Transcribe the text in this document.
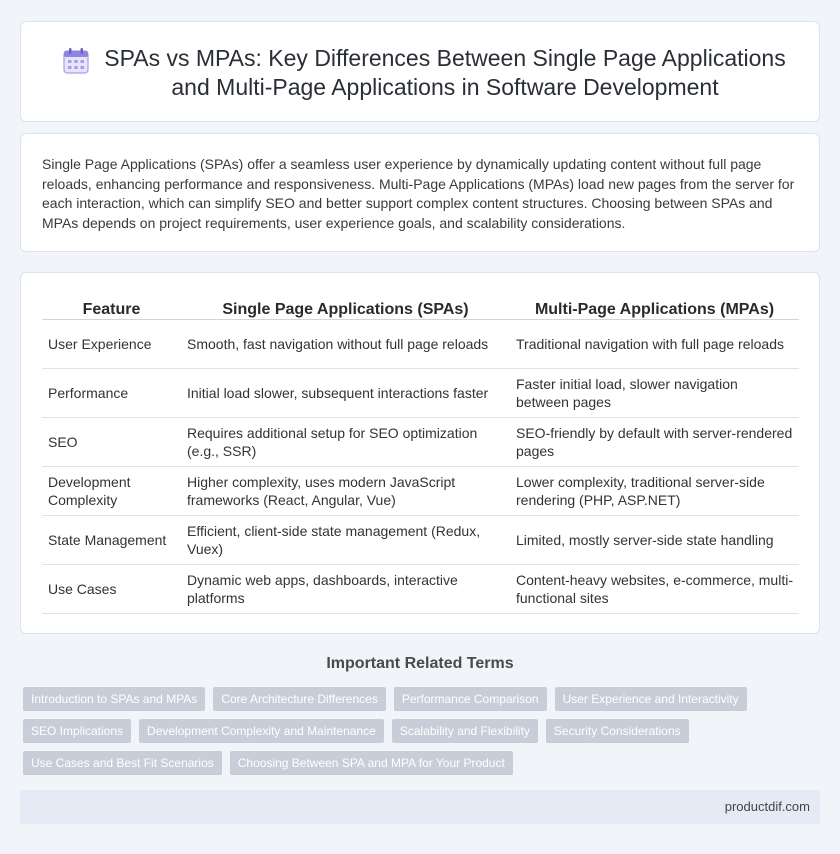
SPAs vs MPAs: Key Differences Between Single Page Applications and Multi-Page Applications in Software Development

Single Page Applications (SPAs) offer a seamless user experience by dynamically updating content without full page reloads, enhancing performance and responsiveness. Multi-Page Applications (MPAs) load new pages from the server for each interaction, which can simplify SEO and better support complex content structures. Choosing between SPAs and MPAs depends on project requirements, user experience goals, and scalability considerations.

Feature	Single Page Applications (SPAs)	Multi-Page Applications (MPAs)
User Experience	Smooth, fast navigation without full page reloads	Traditional navigation with full page reloads
Performance	Initial load slower, subsequent interactions faster	Faster initial load, slower navigation between pages
SEO	Requires additional setup for SEO optimization (e.g., SSR)	SEO-friendly by default with server-rendered pages
Development Complexity	Higher complexity, uses modern JavaScript frameworks (React, Angular, Vue)	Lower complexity, traditional server-side rendering (PHP, ASP.NET)
State Management	Efficient, client-side state management (Redux, Vuex)	Limited, mostly server-side state handling
Use Cases	Dynamic web apps, dashboards, interactive platforms	Content-heavy websites, e-commerce, multi-functional sites
Important Related Terms
Introduction to SPAs and MPAs	Core Architecture Differences	Performance Comparison	User Experience and Interactivity
SEO Implications	Development Complexity and Maintenance	Scalability and Flexibility	Security Considerations
Use Cases and Best Fit Scenarios	Choosing Between SPA and MPA for Your Product
productdif.com
